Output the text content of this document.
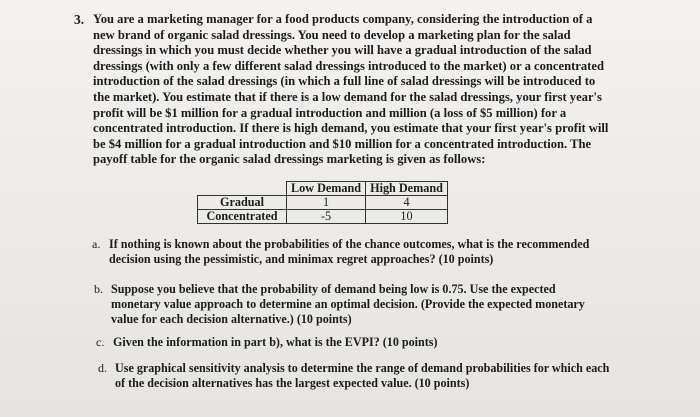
3. You are a marketing manager for a food products company, considering the introduction of a
new brand of organic salad dressings. You need to develop a marketing plan for the salad
dressings in which you must decide whether you will have a gradual introduction of the salad
dressings (with only a few different salad dressings introduced to the market) or a concentrated
introduction of the salad dressings (in which a full line of salad dressings will be introduced to
the market). You estimate that if there is a low demand for the salad dressings, your first year's
profit will be $1 million for a gradual introduction and million (a loss of $5 million) for a
concentrated introduction. If there is high demand, you estimate that your first year's profit will
be $4 million for a gradual introduction and $10 million for a concentrated introduction. The
payoff table for the organic salad dressings marketing is given as follows:
	Low Demand	High Demand
Gradual	1	4
Concentrated	-5	10
a. If nothing is known about the probabilities of the chance outcomes, what is the recommended
decision using the pessimistic, and minimax regret approaches? (10 points)
b. Suppose you believe that the probability of demand being low is 0.75. Use the expected
monetary value approach to determine an optimal decision. (Provide the expected monetary
value for each decision alternative.) (10 points)
c. Given the information in part b), what is the EVPI? (10 points)
d. Use graphical sensitivity analysis to determine the range of demand probabilities for which each
of the decision alternatives has the largest expected value. (10 points)
